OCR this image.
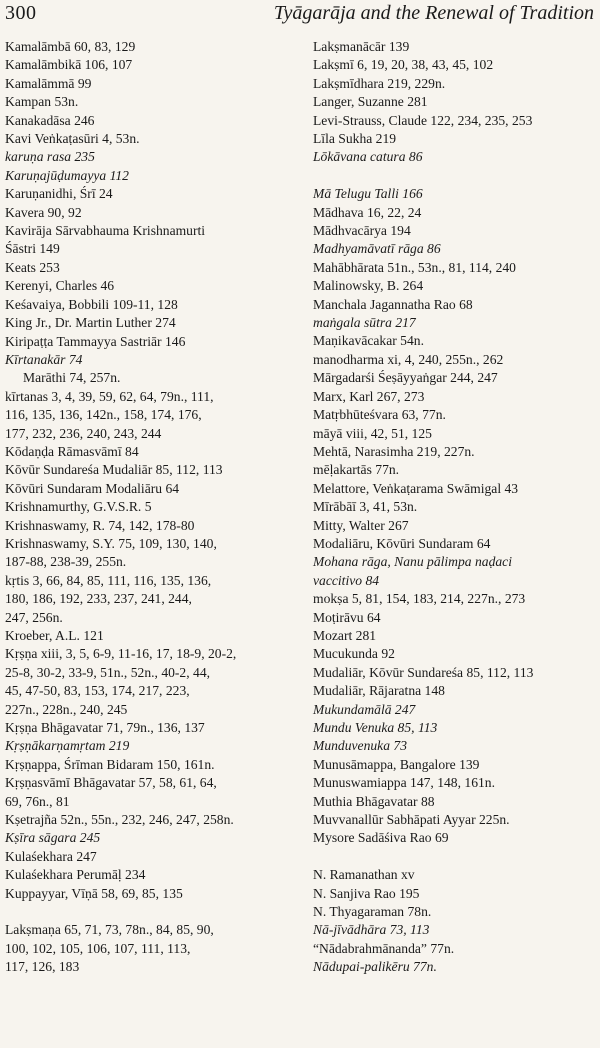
300	Tyāgarāja and the Renewal of Tradition
Kamalāmbā 60, 83, 129
Kamalāmbikā 106, 107
Kamalāmmā 99
Kampan 53n.
Kanakadāsa 246
Kavi Veṅkaṭasūri 4, 53n.
karuṇa rasa 235
Karuṇajūḍumayya 112
Karuṇanidhi, Śrī 24
Kavera 90, 92
Kavirāja Sārvabhauma Krishnamurti
Śāstri 149
Keats 253
Kerenyi, Charles 46
Keśavaiya, Bobbili 109-11, 128
King Jr., Dr. Martin Luther 274
Kiripaṭṭa Tammayya Sastriār 146
Kīrtanakār 74
Marāthi 74, 257n.
kīrtanas 3, 4, 39, 59, 62, 64, 79n., 111,
116, 135, 136, 142n., 158, 174, 176,
177, 232, 236, 240, 243, 244
Kōdaṇḍa Rāmasvāmī 84
Kōvūr Sundareśa Mudaliār 85, 112, 113
Kōvūri Sundaram Modaliāru 64
Krishnamurthy, G.V.S.R. 5
Krishnaswamy, R. 74, 142, 178-80
Krishnaswamy, S.Y. 75, 109, 130, 140,
187-88, 238-39, 255n.
kṛtis 3, 66, 84, 85, 111, 116, 135, 136,
180, 186, 192, 233, 237, 241, 244,
247, 256n.
Kroeber, A.L. 121
Kṛṣṇa xiii, 3, 5, 6-9, 11-16, 17, 18-9, 20-2,
25-8, 30-2, 33-9, 51n., 52n., 40-2, 44,
45, 47-50, 83, 153, 174, 217, 223,
227n., 228n., 240, 245
Kṛṣṇa Bhāgavatar 71, 79n., 136, 137
Kṛṣṇākarṇamṛtam 219
Kṛṣṇappa, Śrīman Bidaram 150, 161n.
Kṛṣṇasvāmī Bhāgavatar 57, 58, 61, 64,
69, 76n., 81
Kṣetrajña 52n., 55n., 232, 246, 247, 258n.
Kṣīra sāgara 245
Kulaśekhara 247
Kulaśekhara Perumāḷ 234
Kuppayyar, Vīṇā 58, 69, 85, 135
Lakṣmaṇa 65, 71, 73, 78n., 84, 85, 90,
100, 102, 105, 106, 107, 111, 113,
117, 126, 183
Lakṣmanācār 139
Lakṣmī 6, 19, 20, 38, 43, 45, 102
Lakṣmīdhara 219, 229n.
Langer, Suzanne 281
Levi-Strauss, Claude 122, 234, 235, 253
Līla Sukha 219
Lōkāvana catura 86
Mā Telugu Talli 166
Mādhava 16, 22, 24
Mādhvacārya 194
Madhyamāvatī rāga 86
Mahābhārata 51n., 53n., 81, 114, 240
Malinowsky, B. 264
Manchala Jagannatha Rao 68
maṅgala sūtra 217
Maṇikavācakar 54n.
manodharma xi, 4, 240, 255n., 262
Mārgadarśi Śeṣāyyaṅgar 244, 247
Marx, Karl 267, 273
Matṛbhūteśvara 63, 77n.
māyā viii, 42, 51, 125
Mehtā, Narasimha 219, 227n.
mēḷakartās 77n.
Melattore, Veṅkaṭarama Swāmigal 43
Mīrābāī 3, 41, 53n.
Mitty, Walter 267
Modaliāru, Kōvūri Sundaram 64
Mohana rāga, Nanu pālimpa naḍaci
vaccitivo 84
mokṣa 5, 81, 154, 183, 214, 227n., 273
Moṭirāvu 64
Mozart 281
Mucukunda 92
Mudaliār, Kōvūr Sundareśa 85, 112, 113
Mudaliār, Rājaratna 148
Mukundamālā 247
Mundu Venuka 85, 113
Munduvenuka 73
Munusāmappa, Bangalore 139
Munuswamiappa 147, 148, 161n.
Muthia Bhāgavatar 88
Muvvanallūr Sabhāpati Ayyar 225n.
Mysore Sadāśiva Rao 69
N. Ramanathan xv
N. Sanjiva Rao 195
N. Thyagaraman 78n.
Nā-jīvādhāra 73, 113
“Nādabrahmānanda” 77n.
Nādupai-palikēru 77n.
